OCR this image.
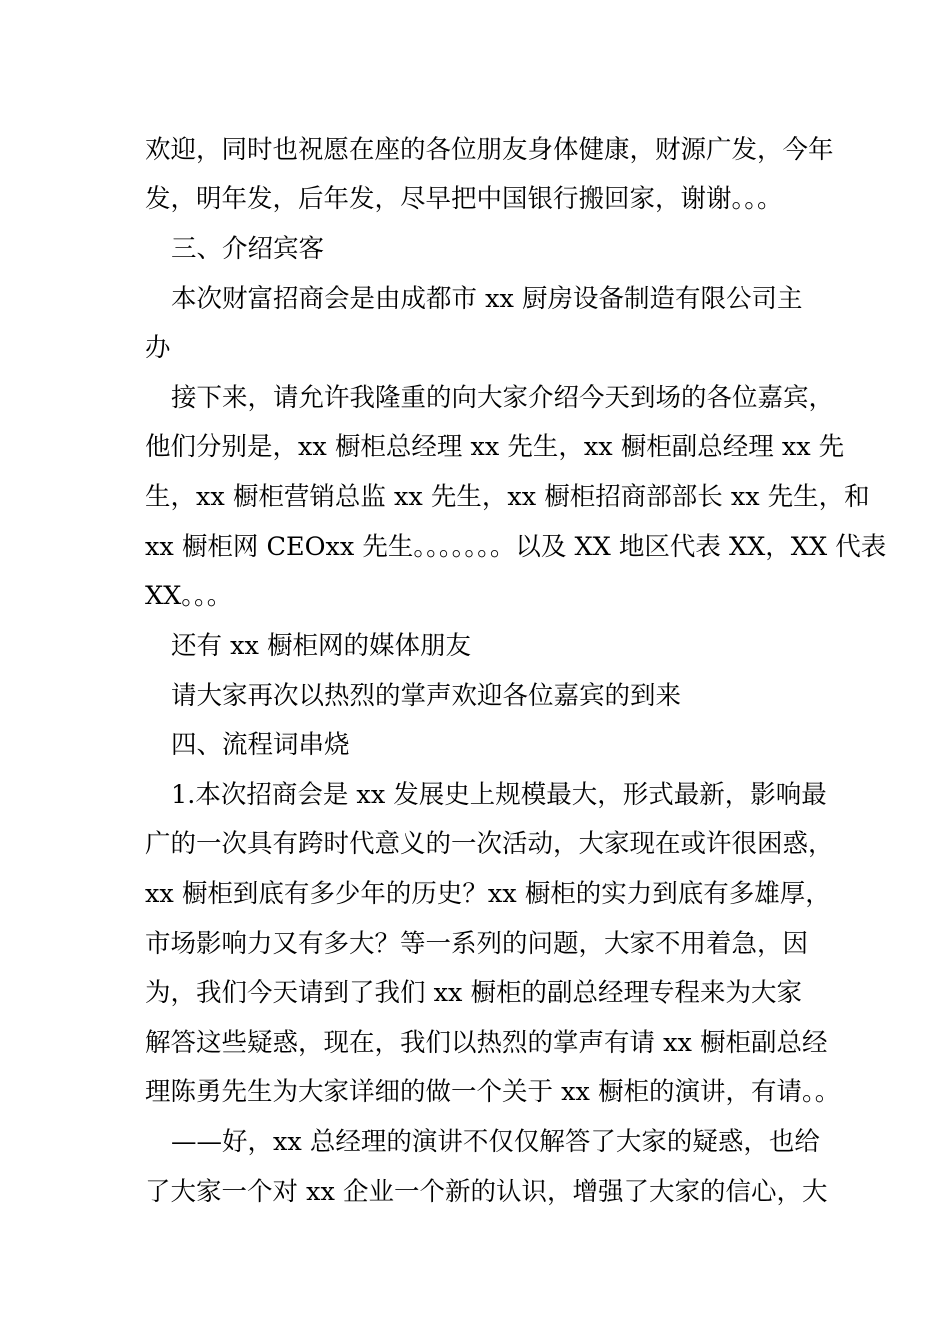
欢迎，同时也祝愿在座的各位朋友身体健康，财源广发，今年
发，明年发，后年发，尽早把中国银行搬回家，谢谢。。。
三、介绍宾客
本次财富招商会是由成都市 xx 厨房设备制造有限公司主
办
接下来，请允许我隆重的向大家介绍今天到场的各位嘉宾，
他们分别是，xx 橱柜总经理 xx 先生，xx 橱柜副总经理 xx 先
生，xx 橱柜营销总监 xx 先生，xx 橱柜招商部部长 xx 先生，和
xx 橱柜网 CEOxx 先生。。。。。。。以及 XX 地区代表 XX，XX 代表
XX。。。
还有 xx 橱柜网的媒体朋友
请大家再次以热烈的掌声欢迎各位嘉宾的到来
四、流程词串烧
1.本次招商会是 xx 发展史上规模最大，形式最新，影响最
广的一次具有跨时代意义的一次活动，大家现在或许很困惑，
xx 橱柜到底有多少年的历史？xx 橱柜的实力到底有多雄厚，
市场影响力又有多大？等一系列的问题，大家不用着急，因
为，我们今天请到了我们 xx 橱柜的副总经理专程来为大家
解答这些疑惑，现在，我们以热烈的掌声有请 xx 橱柜副总经
理陈勇先生为大家详细的做一个关于 xx 橱柜的演讲，有请。。
——好，xx 总经理的演讲不仅仅解答了大家的疑惑，也给
了大家一个对 xx 企业一个新的认识，增强了大家的信心，大
